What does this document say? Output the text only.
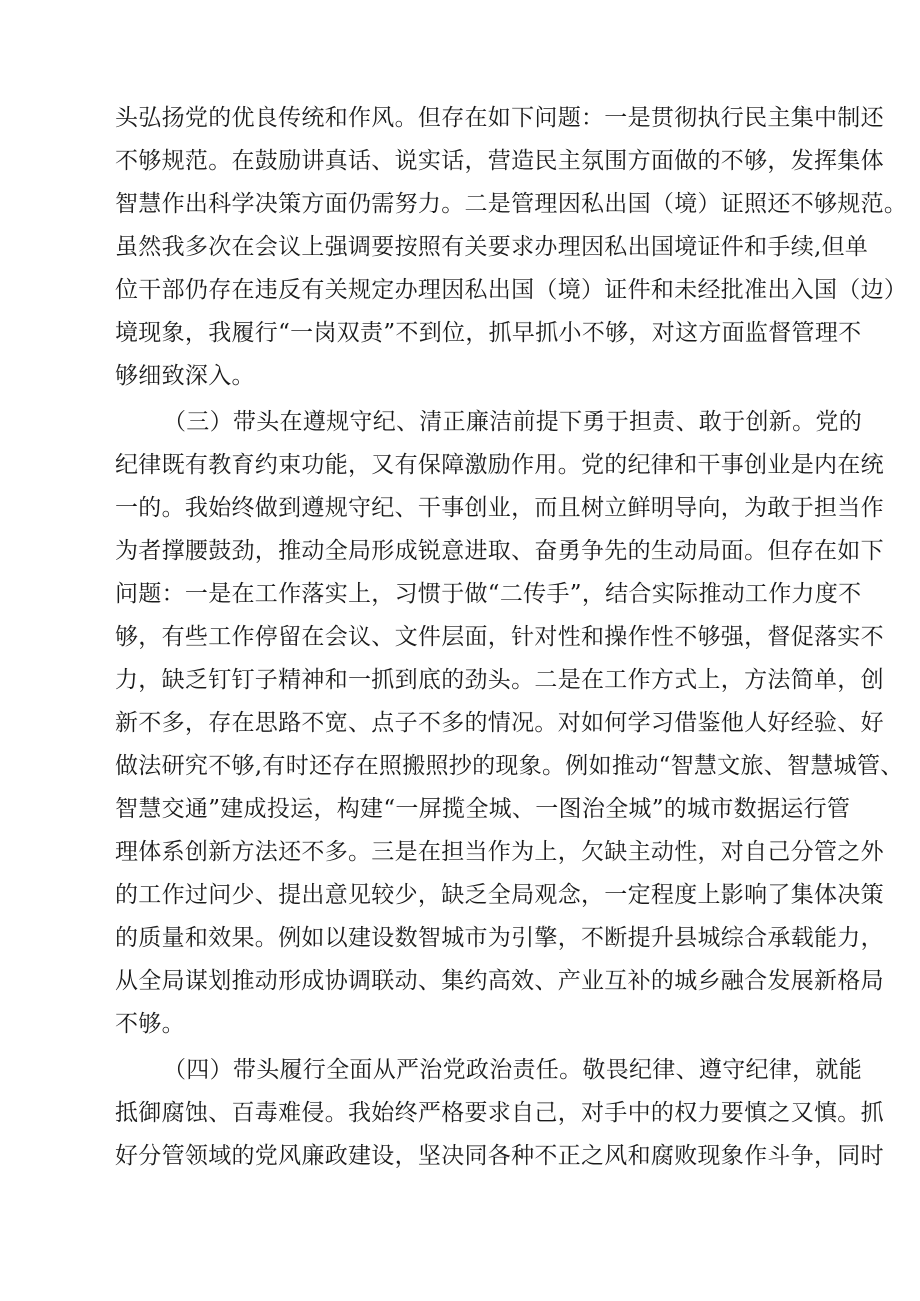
头弘扬党的优良传统和作风。但存在如下问题：一是贯彻执行民主集中制还
不够规范。在鼓励讲真话、说实话，营造民主氛围方面做的不够，发挥集体
智慧作出科学决策方面仍需努力。二是管理因私出国（境）证照还不够规范。
虽然我多次在会议上强调要按照有关要求办理因私出国境证件和手续,但单
位干部仍存在违反有关规定办理因私出国（境）证件和未经批准出入国（边）
境现象，我履行“一岗双责”不到位，抓早抓小不够，对这方面监督管理不
够细致深入。
（三）带头在遵规守纪、清正廉洁前提下勇于担责、敢于创新。党的
纪律既有教育约束功能，又有保障激励作用。党的纪律和干事创业是内在统
一的。我始终做到遵规守纪、干事创业，而且树立鲜明导向，为敢于担当作
为者撑腰鼓劲，推动全局形成锐意进取、奋勇争先的生动局面。但存在如下
问题：一是在工作落实上，习惯于做“二传手”，结合实际推动工作力度不
够，有些工作停留在会议、文件层面，针对性和操作性不够强，督促落实不
力，缺乏钉钉子精神和一抓到底的劲头。二是在工作方式上，方法简单，创
新不多，存在思路不宽、点子不多的情况。对如何学习借鉴他人好经验、好
做法研究不够,有时还存在照搬照抄的现象。例如推动“智慧文旅、智慧城管、
智慧交通”建成投运，构建“一屏揽全城、一图治全城”的城市数据运行管
理体系创新方法还不多。三是在担当作为上，欠缺主动性，对自己分管之外
的工作过问少、提出意见较少，缺乏全局观念，一定程度上影响了集体决策
的质量和效果。例如以建设数智城市为引擎，不断提升县城综合承载能力，
从全局谋划推动形成协调联动、集约高效、产业互补的城乡融合发展新格局
不够。
（四）带头履行全面从严治党政治责任。敬畏纪律、遵守纪律，就能
抵御腐蚀、百毒难侵。我始终严格要求自己，对手中的权力要慎之又慎。抓
好分管领域的党风廉政建设，坚决同各种不正之风和腐败现象作斗争，同时
